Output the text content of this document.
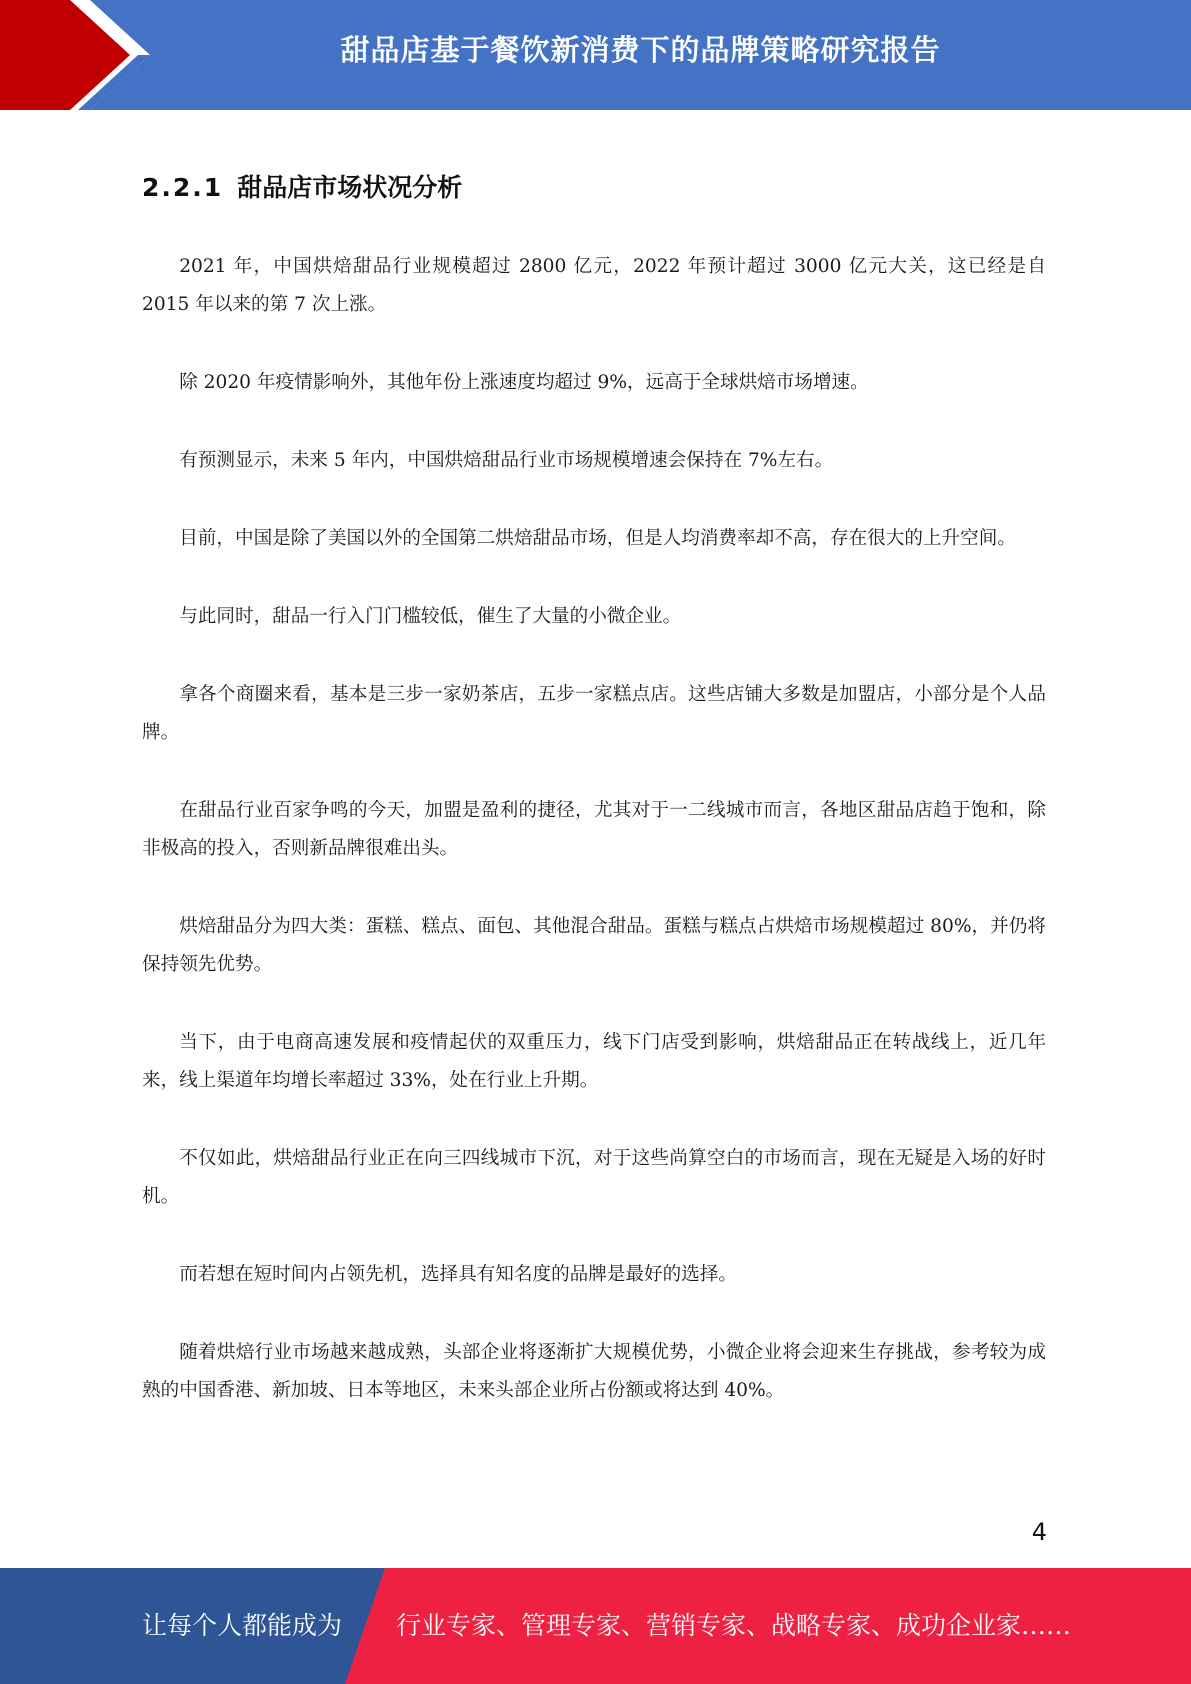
甜品店基于餐饮新消费下的品牌策略研究报告
2.2.1 甜品店市场状况分析

2021 年，中国烘焙甜品行业规模超过 2800 亿元，2022 年预计超过 3000 亿元大关，这已经是自 2015 年以来的第 7 次上涨。

除 2020 年疫情影响外，其他年份上涨速度均超过 9%，远高于全球烘焙市场增速。

有预测显示，未来 5 年内，中国烘焙甜品行业市场规模增速会保持在 7%左右。

目前，中国是除了美国以外的全国第二烘焙甜品市场，但是人均消费率却不高，存在很大的上升空间。

与此同时，甜品一行入门门槛较低，催生了大量的小微企业。

拿各个商圈来看，基本是三步一家奶茶店，五步一家糕点店。这些店铺大多数是加盟店，小部分是个人品牌。

在甜品行业百家争鸣的今天，加盟是盈利的捷径，尤其对于一二线城市而言，各地区甜品店趋于饱和，除非极高的投入，否则新品牌很难出头。

烘焙甜品分为四大类：蛋糕、糕点、面包、其他混合甜品。蛋糕与糕点占烘焙市场规模超过 80%，并仍将保持领先优势。

当下，由于电商高速发展和疫情起伏的双重压力，线下门店受到影响，烘焙甜品正在转战线上，近几年来，线上渠道年均增长率超过 33%，处在行业上升期。

不仅如此，烘焙甜品行业正在向三四线城市下沉，对于这些尚算空白的市场而言，现在无疑是入场的好时机。

而若想在短时间内占领先机，选择具有知名度的品牌是最好的选择。

随着烘焙行业市场越来越成熟，头部企业将逐渐扩大规模优势，小微企业将会迎来生存挑战，参考较为成熟的中国香港、新加坡、日本等地区，未来头部企业所占份额或将达到 40%。

4
让每个人都能成为 行业专家、管理专家、营销专家、战略专家、成功企业家……
